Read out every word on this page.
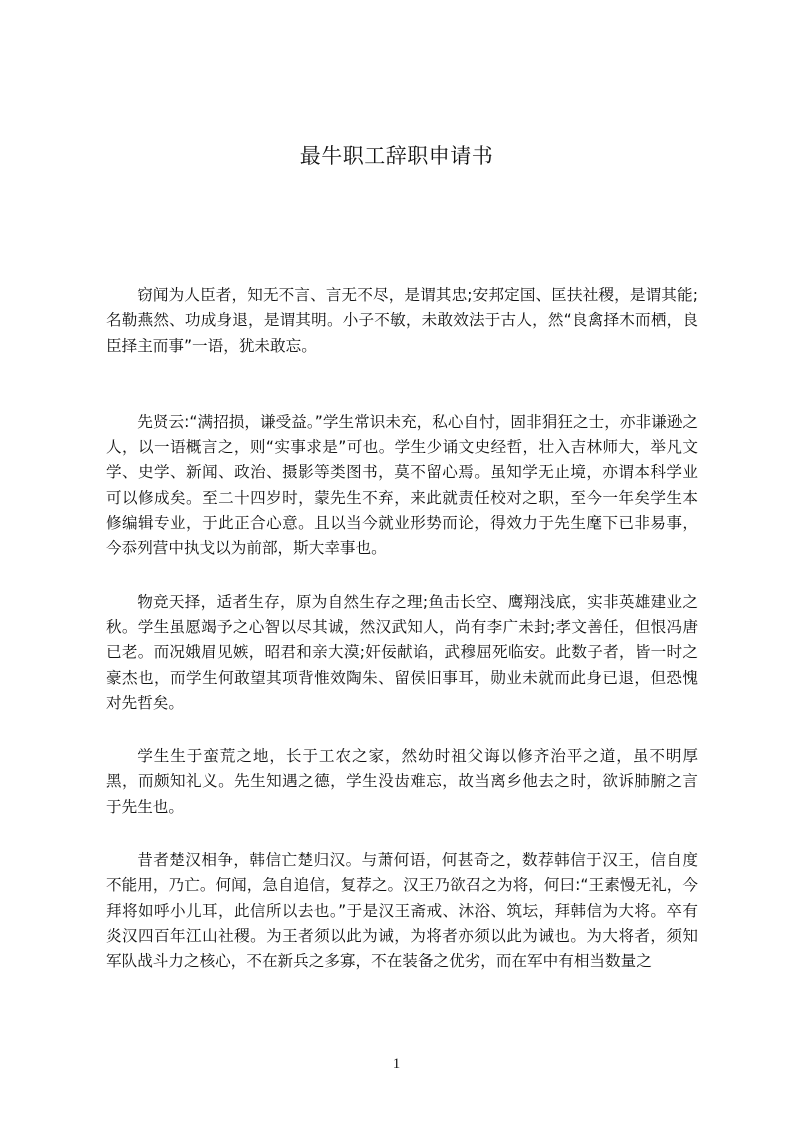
最牛职工辞职申请书

窃闻为人臣者，知无不言、言无不尽，是谓其忠;安邦定国、匡扶社稷，是谓其能;名勒燕然、功成身退，是谓其明。小子不敏，未敢效法于古人，然“良禽择木而栖，良臣择主而事”一语，犹未敢忘。

先贤云:“满招损，谦受益。”学生常识未充，私心自忖，固非狷狂之士，亦非谦逊之人，以一语概言之，则“实事求是”可也。学生少诵文史经哲，壮入吉林师大，举凡文学、史学、新闻、政治、摄影等类图书，莫不留心焉。虽知学无止境，亦谓本科学业可以修成矣。至二十四岁时，蒙先生不弃，来此就责任校对之职，至今一年矣学生本修编辑专业，于此正合心意。且以当今就业形势而论，得效力于先生麾下已非易事，今忝列营中执戈以为前部，斯大幸事也。

物竞天择，适者生存，原为自然生存之理;鱼击长空、鹰翔浅底，实非英雄建业之秋。学生虽愿竭予之心智以尽其诚，然汉武知人，尚有李广未封;孝文善任，但恨冯唐已老。而况娥眉见嫉，昭君和亲大漠;奸佞献谄，武穆屈死临安。此数子者，皆一时之豪杰也，而学生何敢望其项背惟效陶朱、留侯旧事耳，勋业未就而此身已退，但恐愧对先哲矣。

学生生于蛮荒之地，长于工农之家，然幼时祖父诲以修齐治平之道，虽不明厚黑，而颇知礼义。先生知遇之德，学生没齿难忘，故当离乡他去之时，欲诉肺腑之言于先生也。

昔者楚汉相争，韩信亡楚归汉。与萧何语，何甚奇之，数荐韩信于汉王，信自度不能用，乃亡。何闻，急自追信，复荐之。汉王乃欲召之为将，何曰:“王素慢无礼，今拜将如呼小儿耳，此信所以去也。”于是汉王斋戒、沐浴、筑坛，拜韩信为大将。卒有炎汉四百年江山社稷。为王者须以此为诫，为将者亦须以此为诫也。为大将者，须知军队战斗力之核心，不在新兵之多寡，不在装备之优劣，而在军中有相当数量之

1
